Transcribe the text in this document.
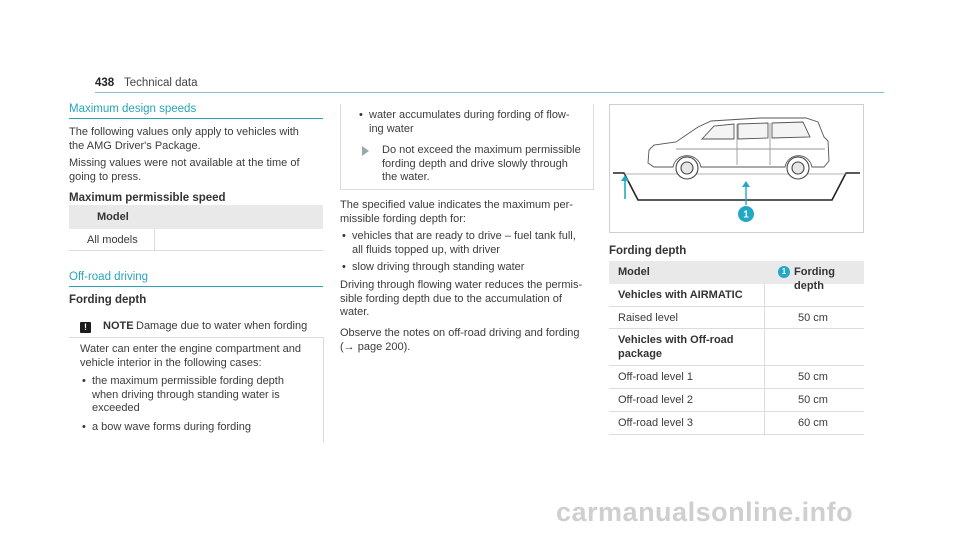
438 Technical data
Maximum design speeds

The following values only apply to vehicles with

the AMG Driver's Package.

Missing values were not available at the time of

going to press.

Maximum permissible speed
Model
All models
Off-road driving
Fording depth
!	NOTE Damage due to water when fording

Water can enter the engine compartment and

vehicle interior in the following cases:

• the maximum permissible fording depth

when driving through standing water is

exceeded

• a bow wave forms during fording

• water accumulates during fording of flow-

ing water

Do not exceed the maximum permissible

fording depth and drive slowly through

the water.

The specified value indicates the maximum per-

missible fording depth for:

• vehicles that are ready to drive – fuel tank full,

all fluids topped up, with driver

• slow driving through standing water

Driving through flowing water reduces the permis-

sible fording depth due to the accumulation of

water.

Observe the notes on off-road driving and fording

(→ page 200).

1
Fording depth
Model	1 Fording depth
Vehicles with AIRMATIC
Raised level	50 cm
Vehicles with Off-road package
Off-road level 1	50 cm
Off-road level 2	50 cm
Off-road level 3	60 cm
carmanualsonline.info
